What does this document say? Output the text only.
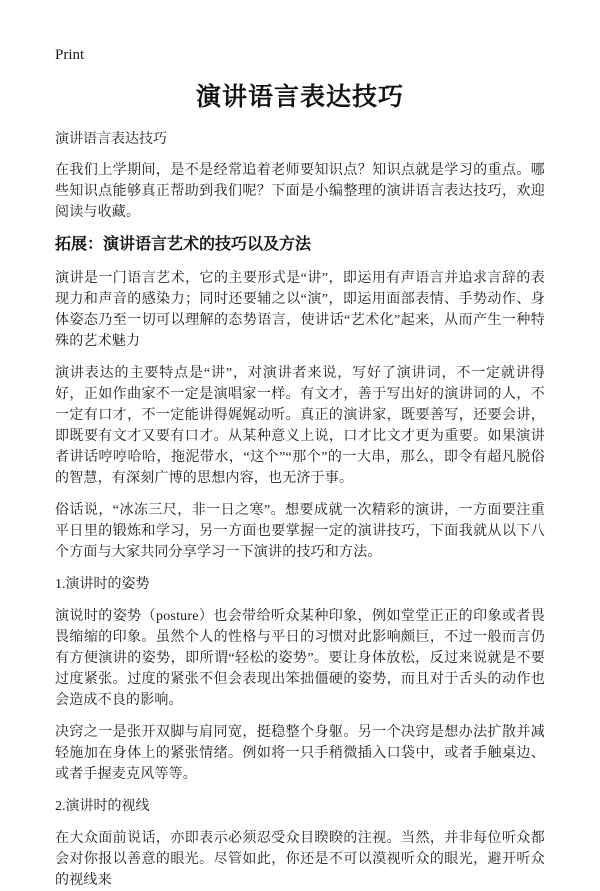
Print
演讲语言表达技巧

演讲语言表达技巧

在我们上学期间，是不是经常追着老师要知识点？知识点就是学习的重点。哪些知识点能够真正帮助到我们呢？下面是小编整理的演讲语言表达技巧，欢迎阅读与收藏。

拓展：演讲语言艺术的技巧以及方法

演讲是一门语言艺术，它的主要形式是“讲”，即运用有声语言并追求言辞的表现力和声音的感染力；同时还要辅之以“演”，即运用面部表情、手势动作、身体姿态乃至一切可以理解的态势语言，使讲话“艺术化”起来，从而产生一种特殊的艺术魅力

演讲表达的主要特点是“讲”，对演讲者来说，写好了演讲词，不一定就讲得好，正如作曲家不一定是演唱家一样。有文才，善于写出好的演讲词的人，不一定有口才，不一定能讲得娓娓动听。真正的演讲家，既要善写，还要会讲，即既要有文才又要有口才。从某种意义上说，口才比文才更为重要。如果演讲者讲话哼哼哈哈，拖泥带水，“这个”“那个”的一大串，那么，即令有超凡脱俗的智慧，有深刻广博的思想内容，也无济于事。

俗话说，“冰冻三尺，非一日之寒”。想要成就一次精彩的演讲，一方面要注重平日里的锻炼和学习，另一方面也要掌握一定的演讲技巧，下面我就从以下八个方面与大家共同分享学习一下演讲的技巧和方法。

1.演讲时的姿势

演说时的姿势（posture）也会带给听众某种印象，例如堂堂正正的印象或者畏畏缩缩的印象。虽然个人的性格与平日的习惯对此影响颇巨，不过一般而言仍有方便演讲的姿势，即所谓“轻松的姿势”。要让身体放松，反过来说就是不要过度紧张。过度的紧张不但会表现出笨拙僵硬的姿势，而且对于舌头的动作也会造成不良的影响。

决窍之一是张开双脚与肩同宽，挺稳整个身躯。另一个决窍是想办法扩散并减轻施加在身体上的紧张情绪。例如将一只手稍微插入口袋中，或者手触桌边、或者手握麦克风等等。

2.演讲时的视线

在大众面前说话，亦即表示必须忍受众目睽睽的注视。当然，并非每位听众都会对你报以善意的眼光。尽管如此，你还是不可以漠视听众的眼光，避开听众的视线来
